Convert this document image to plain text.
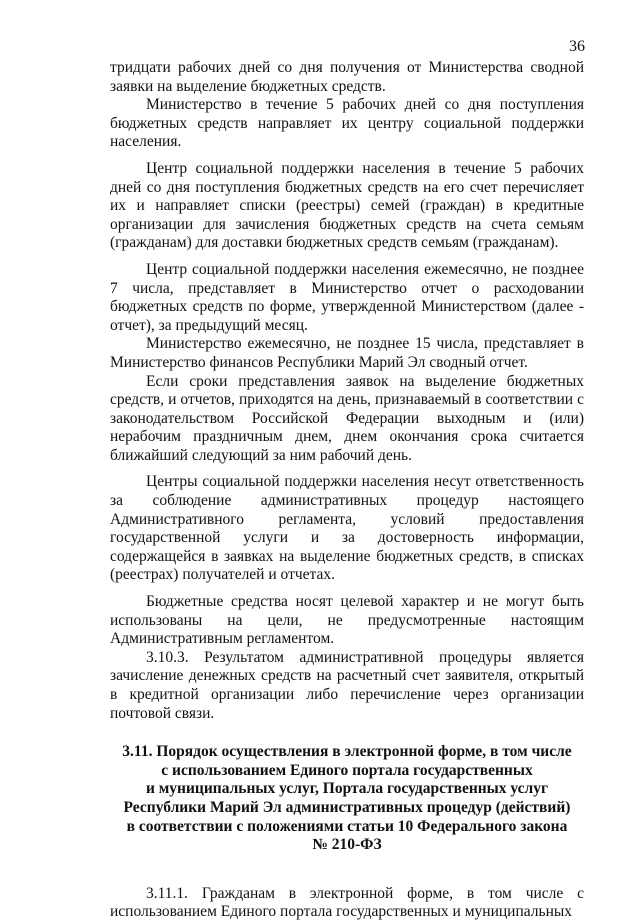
36

тридцати рабочих дней со дня получения от Министерства сводной заявки на выделение бюджетных средств.

Министерство в течение 5 рабочих дней со дня поступления бюджетных средств направляет их центру социальной поддержки населения.

Центр социальной поддержки населения в течение 5 рабочих дней со дня поступления бюджетных средств на его счет перечисляет их и направляет списки (реестры) семей (граждан) в кредитные организации для зачисления бюджетных средств на счета семьям (гражданам) для доставки бюджетных средств семьям (гражданам).

Центр социальной поддержки населения ежемесячно, не позднее 7 числа, представляет в Министерство отчет о расходовании бюджетных средств по форме, утвержденной Министерством (далее - отчет), за предыдущий месяц.

Министерство ежемесячно, не позднее 15 числа, представляет в Министерство финансов Республики Марий Эл сводный отчет.

Если сроки представления заявок на выделение бюджетных средств, и отчетов, приходятся на день, признаваемый в соответствии с законодательством Российской Федерации выходным и (или) нерабочим праздничным днем, днем окончания срока считается ближайший следующий за ним рабочий день.

Центры социальной поддержки населения несут ответственность за соблюдение административных процедур настоящего Административного регламента, условий предоставления государственной услуги и за достоверность информации, содержащейся в заявках на выделение бюджетных средств, в списках (реестрах) получателей и отчетах.

Бюджетные средства носят целевой характер и не могут быть использованы на цели, не предусмотренные настоящим Административным регламентом.

3.10.3. Результатом административной процедуры является зачисление денежных средств на расчетный счет заявителя, открытый в кредитной организации либо перечисление через организации почтовой связи.

3.11. Порядок осуществления в электронной форме, в том числе
с использованием Единого портала государственных
и муниципальных услуг, Портала государственных услуг
Республики Марий Эл административных процедур (действий)
в соответствии с положениями статьи 10 Федерального закона
№ 210-ФЗ

3.11.1. Гражданам в электронной форме, в том числе с использованием Единого портала государственных и муниципальных
